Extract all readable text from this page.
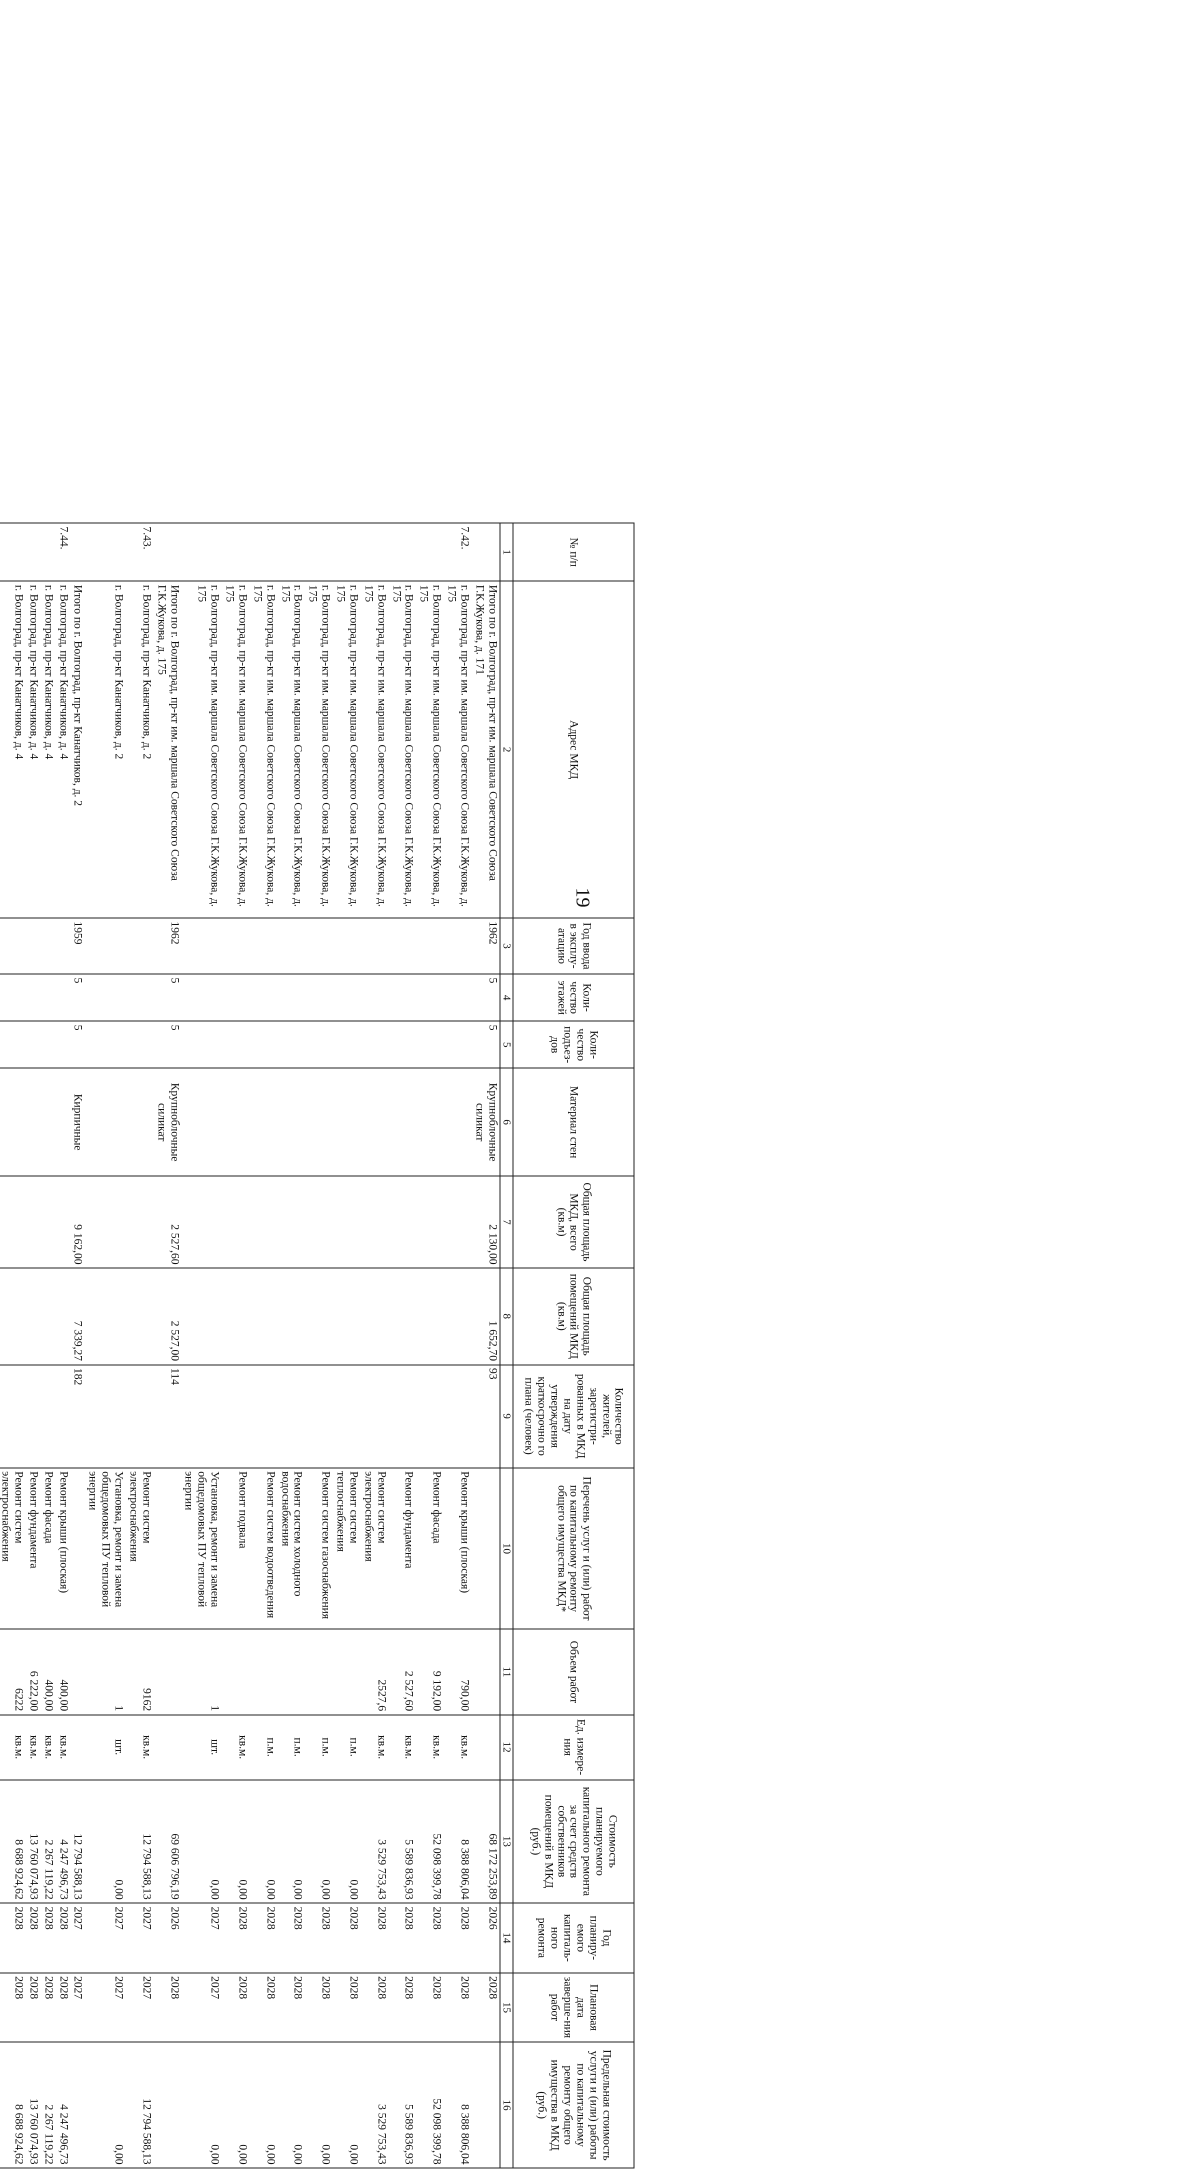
19
№ п/п	Адрес МКД	Год ввода в эксплу-атацию	Коли-чество этажей	Коли-чество подъез-дов	Материал стен	Общая площадь МКД, всего (кв.м)	Общая площадь помещений МКД (кв.м)	Количество жителей, зарегистри-рованных в МКД на дату утверждения краткосрочно го плана (человек)	Перечень услуг и (или) работ по капитальному ремонту общего имущества МКД*	Объем работ	Ед. измере-ния	Стоимость планируемого капитального ремонта за счет средств собственников помещений в МКД (руб.)	Год планиру-емого капиталь-ного ремонта	Плановая дата заверше-ния работ	Предельная стоимость услуги и (или) работы по капитальному ремонту общего имущества в МКД (руб.)
1	2	3	4	5	6	7	8	9	10	11	12	13	14	15	16
	Итого по г. Волгоград, пр-кт им. маршала Советского Союза Г.К.Жукова, д. 171	1962	5	5	Крупноблочные силикат	2 130,00	1 652,70	93				68 172 253,89	2026	2028	
7.42.	г. Волгоград, пр-кт им. маршала Советского Союза Г.К.Жукова, д. 175								Ремонт крыши (плоская)	790,00	кв.м.	8 388 806,04	2028	2028	8 388 806,04
	г. Волгоград, пр-кт им. маршала Советского Союза Г.К.Жукова, д. 175								Ремонт фасада	9 192,00	кв.м.	52 098 399,78	2028	2028	52 098 399,78
	г. Волгоград, пр-кт им. маршала Советского Союза Г.К.Жукова, д. 175								Ремонт фундамента	2 527,60	кв.м.	5 589 836,93	2028	2028	5 589 836,93
	г. Волгоград, пр-кт им. маршала Советского Союза Г.К.Жукова, д. 175								Ремонт систем электроснабжения	2527,6	кв.м.	3 529 753,43	2028	2028	3 529 753,43
	г. Волгоград, пр-кт им. маршала Советского Союза Г.К.Жукова, д. 175								Ремонт систем теплоснабжения		п.м.	0,00	2028	2028	0,00
	г. Волгоград, пр-кт им. маршала Советского Союза Г.К.Жукова, д. 175								Ремонт систем газоснабжения		п.м.	0,00	2028	2028	0,00
	г. Волгоград, пр-кт им. маршала Советского Союза Г.К.Жукова, д. 175								Ремонт систем холодного водоснабжения		п.м.	0,00	2028	2028	0,00
	г. Волгоград, пр-кт им. маршала Советского Союза Г.К.Жукова, д. 175								Ремонт систем водоотведения		п.м.	0,00	2028	2028	0,00
	г. Волгоград, пр-кт им. маршала Советского Союза Г.К.Жукова, д. 175								Ремонт подвала		кв.м.	0,00	2028	2028	0,00
	г. Волгоград, пр-кт им. маршала Советского Союза Г.К.Жукова, д. 175								Установка, ремонт и замена общедомовых ПУ тепловой энергии	1	шт.	0,00	2027	2027	0,00
	Итого по г. Волгоград, пр-кт им. маршала Советского Союза Г.К.Жукова, д. 175	1962	5	5	Крупноблочные силикат	2 527,60	2 527,00	114				69 606 796,19	2026	2028	
7.43.	г. Волгоград, пр-кт Канатчиков, д. 2								Ремонт систем электроснабжения	9162	кв.м.	12 794 588,13	2027	2027	12 794 588,13
	г. Волгоград, пр-кт Канатчиков, д. 2								Установка, ремонт и замена общедомовых ПУ тепловой энергии	1	шт.	0,00	2027	2027	0,00
	Итого по г. Волгоград, пр-кт Канатчиков, д. 2	1959	5	5	Кирпичные	9 162,00	7 339,27	182				12 794 588,13	2027	2027	
7.44.	г. Волгоград, пр-кт Канатчиков, д. 4								Ремонт крыши (плоская)	400,00	кв.м.	4 247 496,73	2028	2028	4 247 496,73
	г. Волгоград, пр-кт Канатчиков, д. 4								Ремонт фасада	400,00	кв.м.	2 267 119,22	2028	2028	2 267 119,22
	г. Волгоград, пр-кт Канатчиков, д. 4								Ремонт фундамента	6 222,00	кв.м.	13 760 074,93	2028	2028	13 760 074,93
	г. Волгоград, пр-кт Канатчиков, д. 4								Ремонт систем электроснабжения	6222	кв.м.	8 688 924,62	2028	2028	8 688 924,62
